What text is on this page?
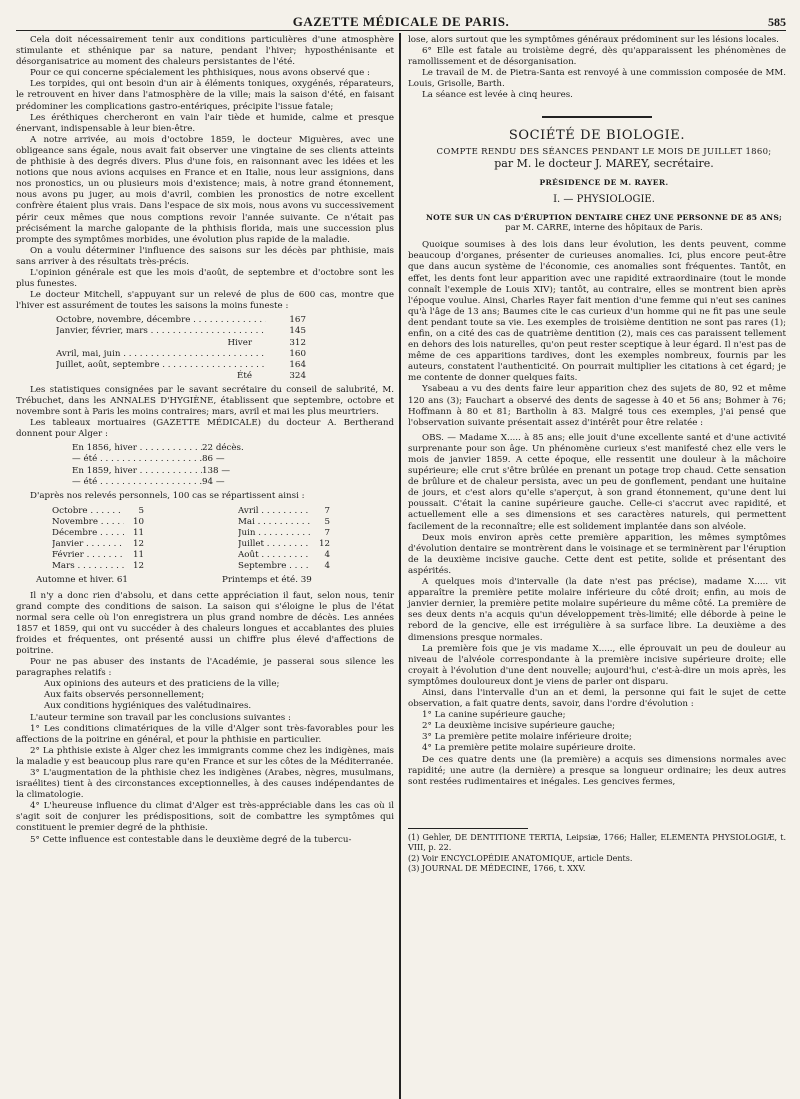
GAZETTE MÉDICALE DE PARIS.	585

Cela doit nécessairement tenir aux conditions particulières d'une atmosphère stimulante et sthénique par sa nature, pendant l'hiver; hyposthénisante et désorganisatrice au moment des chaleurs persistantes de l'été.

Pour ce qui concerne spécialement les phthisiques, nous avons observé que :

Les torpides, qui ont besoin d'un air à éléments toniques, oxygénés, réparateurs, le retrouvent en hiver dans l'atmosphère de la ville; mais la saison d'été, en faisant prédominer les complications gastro-entériques, précipite l'issue fatale;

Les éréthiques chercheront en vain l'air tiède et humide, calme et presque énervant, indispensable à leur bien-être.

A notre arrivée, au mois d'octobre 1859, le docteur Miguères, avec une obligeance sans égale, nous avait fait observer une vingtaine de ses clients atteints de phthisie à des degrés divers. Plus d'une fois, en raisonnant avec les idées et les notions que nous avions acquises en France et en Italie, nous leur assignions, dans nos pronostics, un ou plusieurs mois d'existence; mais, à notre grand étonnement, nous avons pu juger, au mois d'avril, combien les pronostics de notre excellent confrère étaient plus vrais. Dans l'espace de six mois, nous avons vu successivement périr ceux mêmes que nous comptions revoir l'année suivante. Ce n'était pas précisément la marche galopante de la phthisis florida, mais une succession plus prompte des symptômes morbides, une évolution plus rapide de la maladie.

On a voulu déterminer l'influence des saisons sur les décès par phthisie, mais sans arriver à des résultats très-précis.

L'opinion générale est que les mois d'août, de septembre et d'octobre sont les plus funestes.

Le docteur Mitchell, s'appuyant sur un relevé de plus de 600 cas, montre que l'hiver est assurément de toutes les saisons la moins funeste :

Octobre, novembre, décembre . . .	167
Janvier, février, mars . . .	145
Hiver	312
Avril, mai, juin . . .	160
Juillet, août, septembre . . .	164
Été	324

Les statistiques consignées par le savant secrétaire du conseil de salubrité, M. Trébuchet, dans les ANNALES D'HYGIÈNE, établissent que septembre, octobre et novembre sont à Paris les moins contraires; mars, avril et mai les plus meurtriers.

Les tableaux mortuaires (GAZETTE MÉDICALE) du docteur A. Bertherand donnent pour Alger :

En 1856, hiver . . .	22 décès.
— été . . .	86 —
En 1859, hiver . . .	138 —
— été . . .	94 —

D'après nos relevés personnels, 100 cas se répartissent ainsi :

Octobre . . .	5
Novembre . . .	10
Décembre . . .	11
Janvier . . .	12
Février . . .	11
Mars . . .	12
Avril . . .	7
Mai . . .	5
Juin . . .	7
Juillet . . .	12
Août . . .	4
Septembre . . .	4
Automne et hiver. 61	Printemps et été. 39

Il n'y a donc rien d'absolu, et dans cette appréciation il faut, selon nous, tenir grand compte des conditions de saison. La saison qui s'éloigne le plus de l'état normal sera celle où l'on enregistrera un plus grand nombre de décès. Les années 1857 et 1859, qui ont vu succéder à des chaleurs longues et accablantes des pluies froides et fréquentes, ont présenté aussi un chiffre plus élevé d'affections de poitrine.

Pour ne pas abuser des instants de l'Académie, je passerai sous silence les paragraphes relatifs :

Aux opinions des auteurs et des praticiens de la ville;

Aux faits observés personnellement;

Aux conditions hygiéniques des valétudinaires.

L'auteur termine son travail par les conclusions suivantes :

1° Les conditions climatériques de la ville d'Alger sont très-favorables pour les affections de la poitrine en général, et pour la phthisie en particulier.

2° La phthisie existe à Alger chez les immigrants comme chez les indigènes, mais la maladie y est beaucoup plus rare qu'en France et sur les côtes de la Méditerranée.

3° L'augmentation de la phthisie chez les indigènes (Arabes, nègres, musulmans, israélites) tient à des circonstances exceptionnelles, à des causes indépendantes de la climatologie.

4° L'heureuse influence du climat d'Alger est très-appréciable dans les cas où il s'agit soit de conjurer les prédispositions, soit de combattre les symptômes qui constituent le premier degré de la phthisie.

5° Cette influence est contestable dans le deuxième degré de la tubercu-

lose, alors surtout que les symptômes généraux prédominent sur les lésions locales.

6° Elle est fatale au troisième degré, dès qu'apparaissent les phénomènes de ramollissement et de désorganisation.

Le travail de M. de Pietra-Santa est renvoyé à une commission composée de MM. Louis, Grisolle, Barth.

La séance est levée à cinq heures.

SOCIÉTÉ DE BIOLOGIE.

COMPTE RENDU DES SÉANCES PENDANT LE MOIS DE JUILLET 1860;

par M. le docteur J. MAREY, secrétaire.

PRÉSIDENCE DE M. RAYER.

I. — PHYSIOLOGIE.

NOTE SUR UN CAS D'ÉRUPTION DENTAIRE CHEZ UNE PERSONNE DE 85 ANS;

par M. CARRE, interne des hôpitaux de Paris.

Quoique soumises à des lois dans leur évolution, les dents peuvent, comme beaucoup d'organes, présenter de curieuses anomalies. Ici, plus encore peut-être que dans aucun système de l'économie, ces anomalies sont fréquentes. Tantôt, en effet, les dents font leur apparition avec une rapidité extraordinaire (tout le monde connaît l'exemple de Louis XIV); tantôt, au contraire, elles se montrent bien après l'époque voulue. Ainsi, Charles Rayer fait mention d'une femme qui n'eut ses canines qu'à l'âge de 13 ans; Baumes cite le cas curieux d'un homme qui ne fit pas une seule dent pendant toute sa vie. Les exemples de troisième dentition ne sont pas rares (1); enfin, on a cité des cas de quatrième dentition (2), mais ces cas paraissent tellement en dehors des lois naturelles, qu'on peut rester sceptique à leur égard. Il n'est pas de même de ces apparitions tardives, dont les exemples nombreux, fournis par les auteurs, constatent l'authenticité. On pourrait multiplier les citations à cet égard; je me contente de donner quelques faits.

Ysabeau a vu des dents faire leur apparition chez des sujets de 80, 92 et même 120 ans (3); Fauchart a observé des dents de sagesse à 40 et 56 ans; Bohmer à 76; Hoffmann à 80 et 81; Bartholin à 83. Malgré tous ces exemples, j'ai pensé que l'observation suivante présentait assez d'intérêt pour être relatée :

OBS. — Madame X..... à 85 ans; elle jouit d'une excellente santé et d'une activité surprenante pour son âge. Un phénomène curieux s'est manifesté chez elle vers le mois de janvier 1859. A cette époque, elle ressentit une douleur à la mâchoire supérieure; elle crut s'être brûlée en prenant un potage trop chaud. Cette sensation de brûlure et de chaleur persista, avec un peu de gonflement, pendant une huitaine de jours, et c'est alors qu'elle s'aperçut, à son grand étonnement, qu'une dent lui poussait. C'était la canine supérieure gauche. Celle-ci s'accrut avec rapidité, et actuellement elle a ses dimensions et ses caractères naturels, qui permettent facilement de la reconnaître; elle est solidement implantée dans son alvéole.

Deux mois environ après cette première apparition, les mêmes symptômes d'évolution dentaire se montrèrent dans le voisinage et se terminèrent par l'éruption de la deuxième incisive gauche. Cette dent est petite, solide et présentant des aspérités.

A quelques mois d'intervalle (la date n'est pas précise), madame X..... vit apparaître la première petite molaire inférieure du côté droit; enfin, au mois de janvier dernier, la première petite molaire supérieure du même côté. La première de ses deux dents n'a acquis qu'un développement très-limité; elle déborde à peine le rebord de la gencive, elle est irrégulière à sa surface libre. La deuxième a des dimensions presque normales.

La première fois que je vis madame X....., elle éprouvait un peu de douleur au niveau de l'alvéole correspondante à la première incisive supérieure droite; elle croyait à l'évolution d'une dent nouvelle; aujourd'hui, c'est-à-dire un mois après, les symptômes douloureux dont je viens de parler ont disparu.

Ainsi, dans l'intervalle d'un an et demi, la personne qui fait le sujet de cette observation, a fait quatre dents, savoir, dans l'ordre d'évolution :

1° La canine supérieure gauche;

2° La deuxième incisive supérieure gauche;

3° La première petite molaire inférieure droite;

4° La première petite molaire supérieure droite.

De ces quatre dents une (la première) a acquis ses dimensions normales avec rapidité; une autre (la dernière) a presque sa longueur ordinaire; les deux autres sont restées rudimentaires et inégales. Les gencives fermes,

(1) Gehler, DE DENTITIONE TERTIA, Leipsiæ, 1766; Haller, ELEMENTA PHYSIOLOGIÆ, t. VIII, p. 22.

(2) Voir ENCYCLOPÉDIE ANATOMIQUE, article Dents.

(3) JOURNAL DE MÉDECINE, 1766, t. XXV.
